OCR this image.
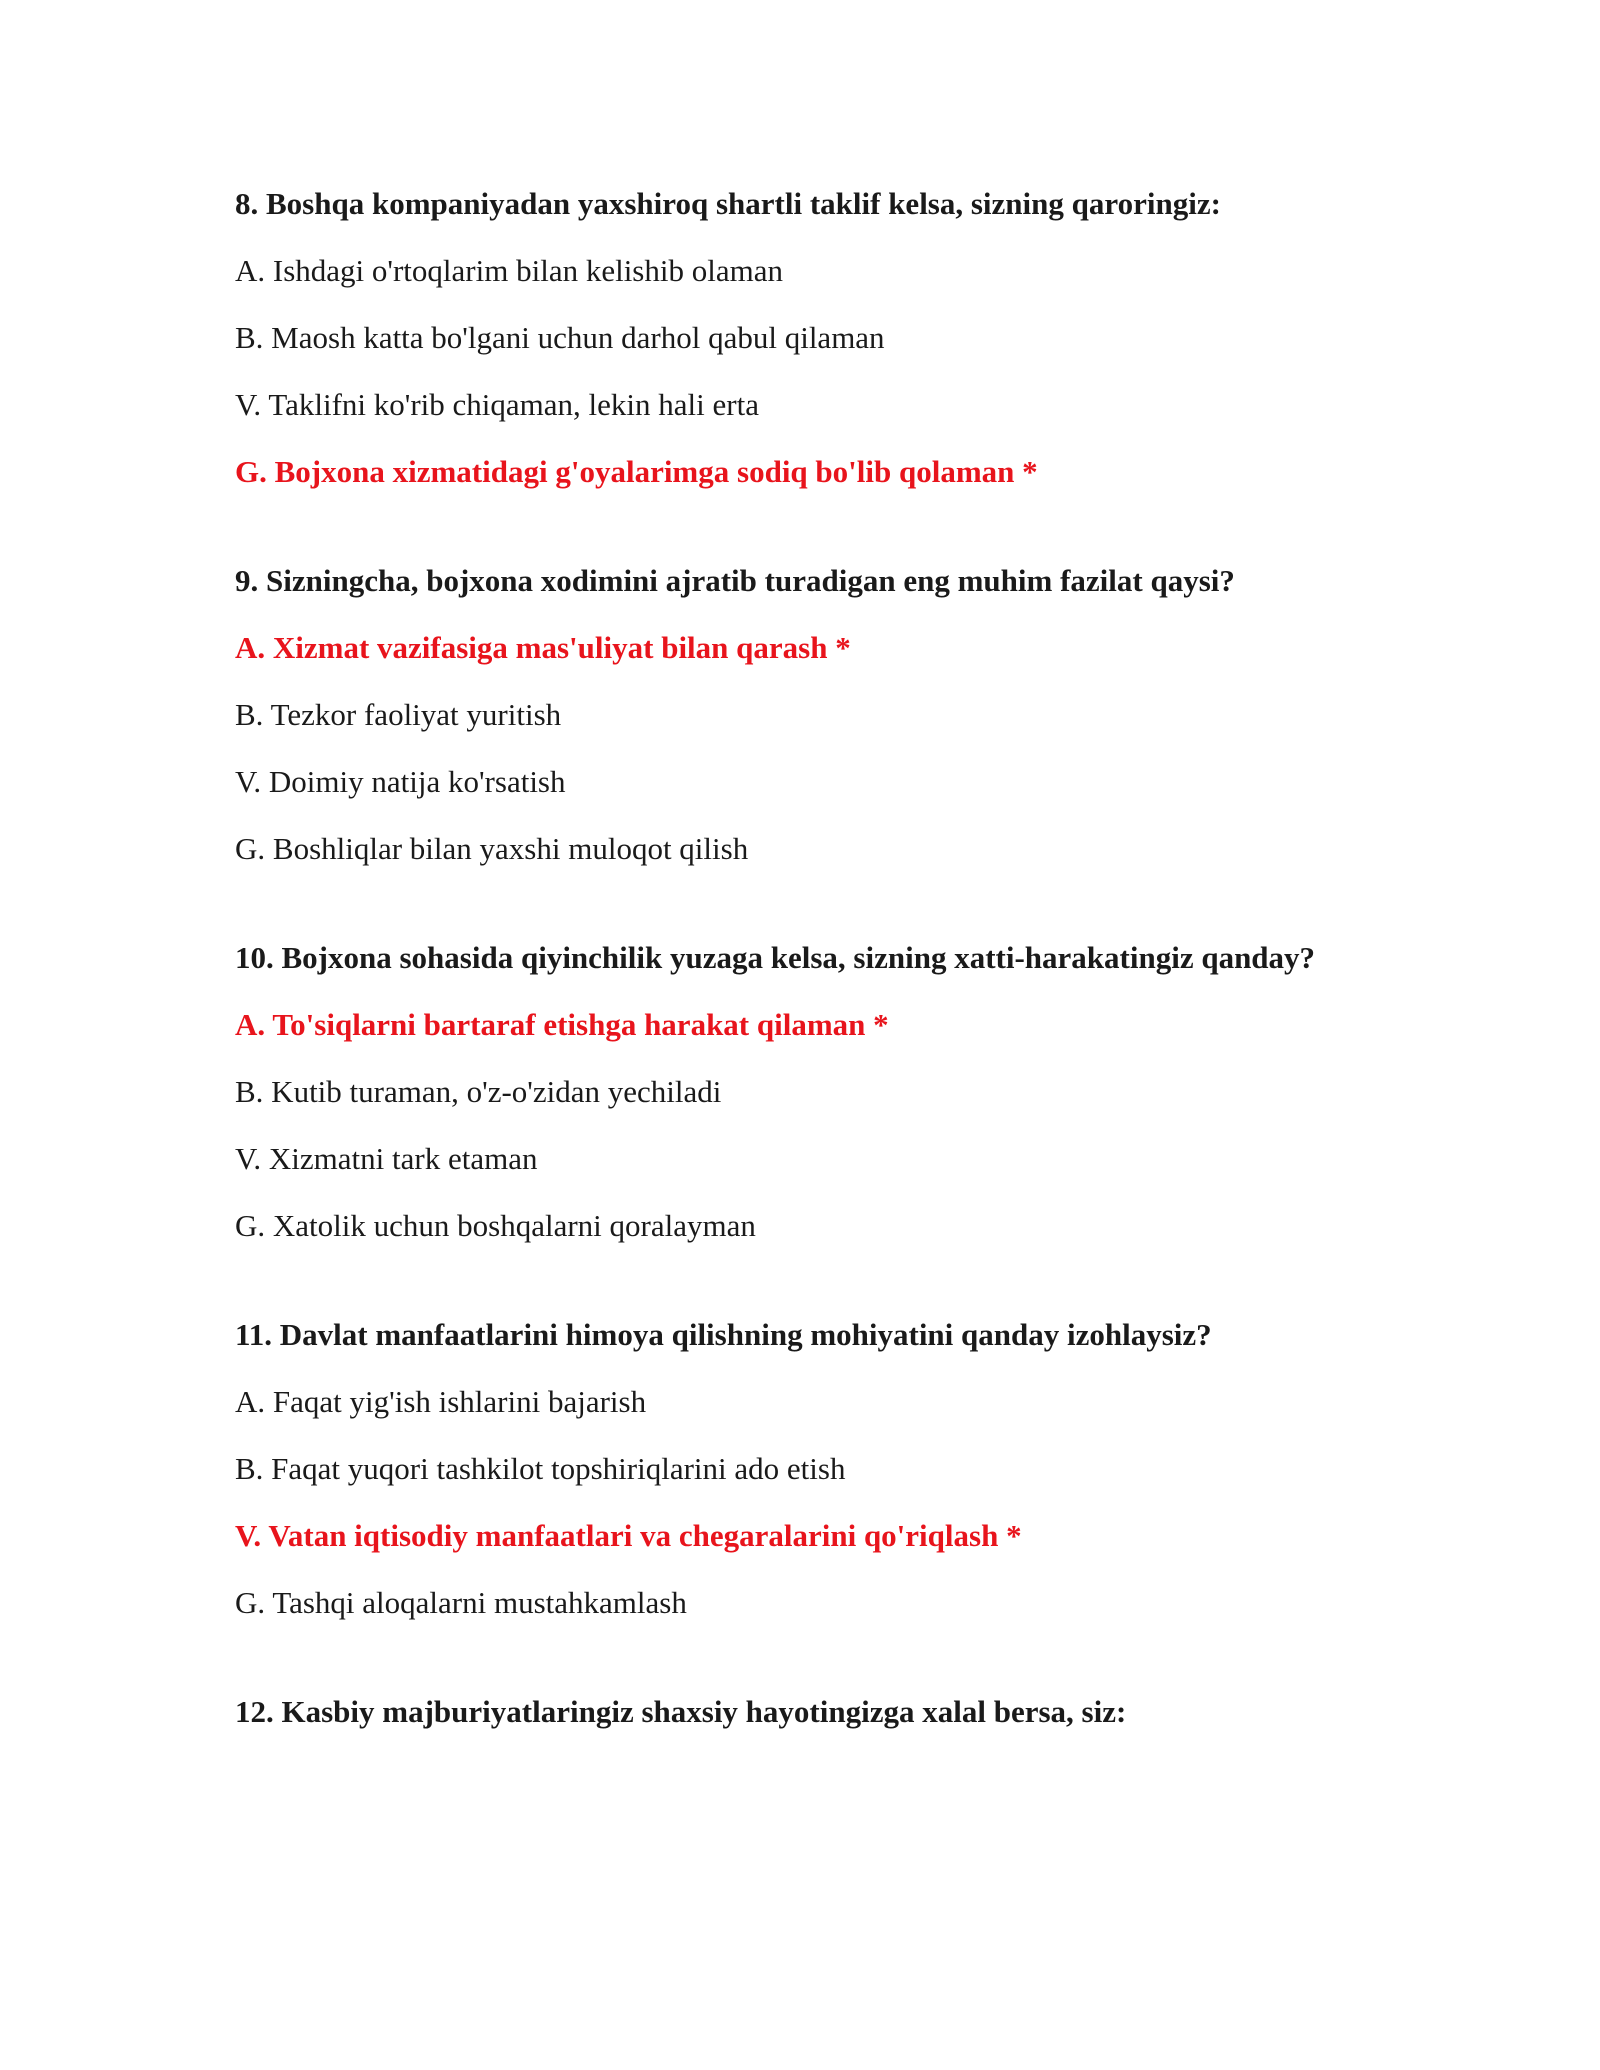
8. Boshqa kompaniyadan yaxshiroq shartli taklif kelsa, sizning qaroringiz:
A. Ishdagi o'rtoqlarim bilan kelishib olaman
B. Maosh katta bo'lgani uchun darhol qabul qilaman
V. Taklifni ko'rib chiqaman, lekin hali erta
G. Bojxona xizmatidagi g'oyalarimga sodiq bo'lib qolaman *
9. Sizningcha, bojxona xodimini ajratib turadigan eng muhim fazilat qaysi?
A. Xizmat vazifasiga mas'uliyat bilan qarash *
B. Tezkor faoliyat yuritish
V. Doimiy natija ko'rsatish
G. Boshliqlar bilan yaxshi muloqot qilish
10. Bojxona sohasida qiyinchilik yuzaga kelsa, sizning xatti-harakatingiz qanday?
A. To'siqlarni bartaraf etishga harakat qilaman *
B. Kutib turaman, o'z-o'zidan yechiladi
V. Xizmatni tark etaman
G. Xatolik uchun boshqalarni qoralayman
11. Davlat manfaatlarini himoya qilishning mohiyatini qanday izohlaysiz?
A. Faqat yig'ish ishlarini bajarish
B. Faqat yuqori tashkilot topshiriqlarini ado etish
V. Vatan iqtisodiy manfaatlari va chegaralarini qo'riqlash *
G. Tashqi aloqalarni mustahkamlash
12. Kasbiy majburiyatlaringiz shaxsiy hayotingizga xalal bersa, siz:
